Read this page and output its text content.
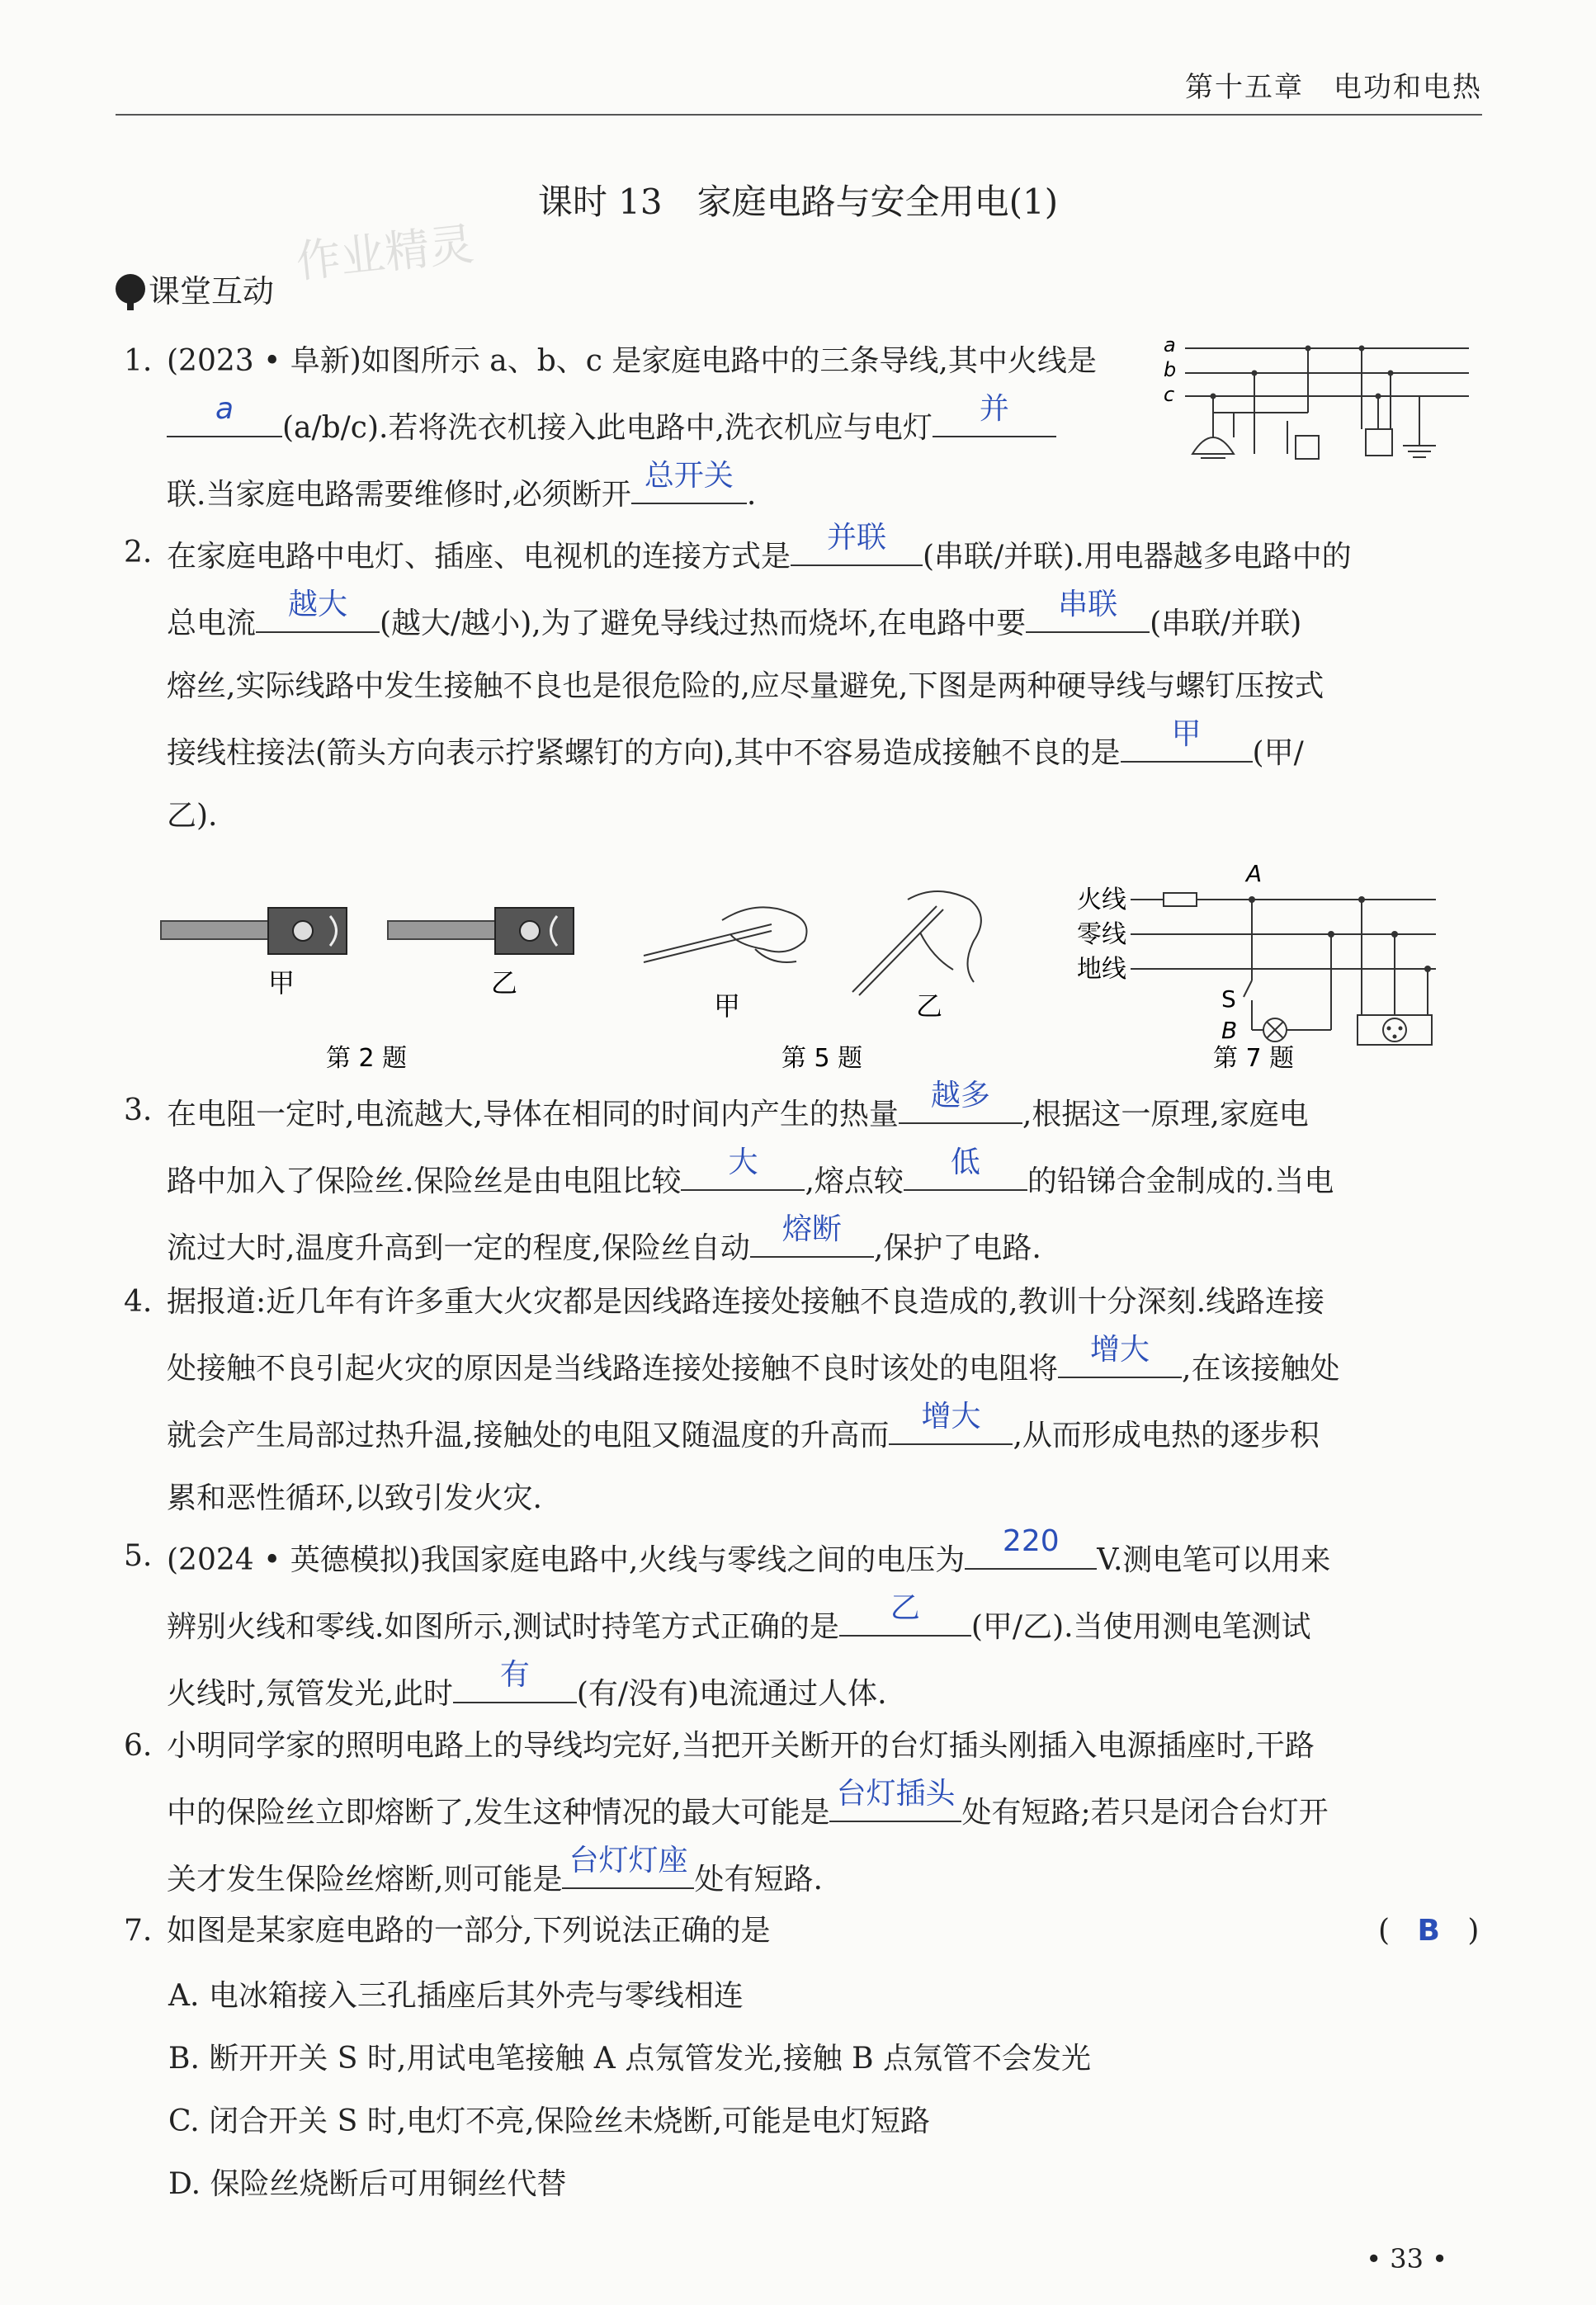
第十五章　电功和电热
课时 13　家庭电路与安全用电(1)
作业精灵
课堂互动
1. (2023 • 阜新)如图所示 a、b、c 是家庭电路中的三条导线,其中火线是
a
(a/b/c).若将洗衣机接入此电路中,洗衣机应与电灯
并
联.当家庭电路需要维修时,必须断开
总开关
.
a
b
c
2. 在家庭电路中电灯、插座、电视机的连接方式是
并联
(串联/并联).用电器越多电路中的
总电流
越大
(越大/越小),为了避免导线过热而烧坏,在电路中要
串联
(串联/并联)
熔丝,实际线路中发生接触不良也是很危险的,应尽量避免,下图是两种硬导线与螺钉压按式
接线柱接法(箭头方向表示拧紧螺钉的方向),其中不容易造成接触不良的是
甲
(甲/
乙).
甲	乙
第 2 题
甲	乙
第 5 题
火线
零线
地线
A
S
B
第 7 题
3. 在电阻一定时,电流越大,导体在相同的时间内产生的热量
越多
,根据这一原理,家庭电
路中加入了保险丝.保险丝是由电阻比较
大
,熔点较
低
的铅锑合金制成的.当电
流过大时,温度升高到一定的程度,保险丝自动
熔断
,保护了电路.
4. 据报道:近几年有许多重大火灾都是因线路连接处接触不良造成的,教训十分深刻.线路连接
处接触不良引起火灾的原因是当线路连接处接触不良时该处的电阻将
增大
,在该接触处
就会产生局部过热升温,接触处的电阻又随温度的升高而
增大
,从而形成电热的逐步积
累和恶性循环,以致引发火灾.
5. (2024 • 英德模拟)我国家庭电路中,火线与零线之间的电压为
220
V.测电笔可以用来
辨别火线和零线.如图所示,测试时持笔方式正确的是
乙
(甲/乙).当使用测电笔测试
火线时,氖管发光,此时
有
(有/没有)电流通过人体.
6. 小明同学家的照明电路上的导线均完好,当把开关断开的台灯插头刚插入电源插座时,干路
中的保险丝立即熔断了,发生这种情况的最大可能是
台灯插头
处有短路;若只是闭合台灯开
关才发生保险丝熔断,则可能是
台灯灯座
处有短路.
7. 如图是某家庭电路的一部分,下列说法正确的是	( B )
A. 电冰箱接入三孔插座后其外壳与零线相连
B. 断开开关 S 时,用试电笔接触 A 点氖管发光,接触 B 点氖管不会发光
C. 闭合开关 S 时,电灯不亮,保险丝未烧断,可能是电灯短路
D. 保险丝烧断后可用铜丝代替
• 33 •
